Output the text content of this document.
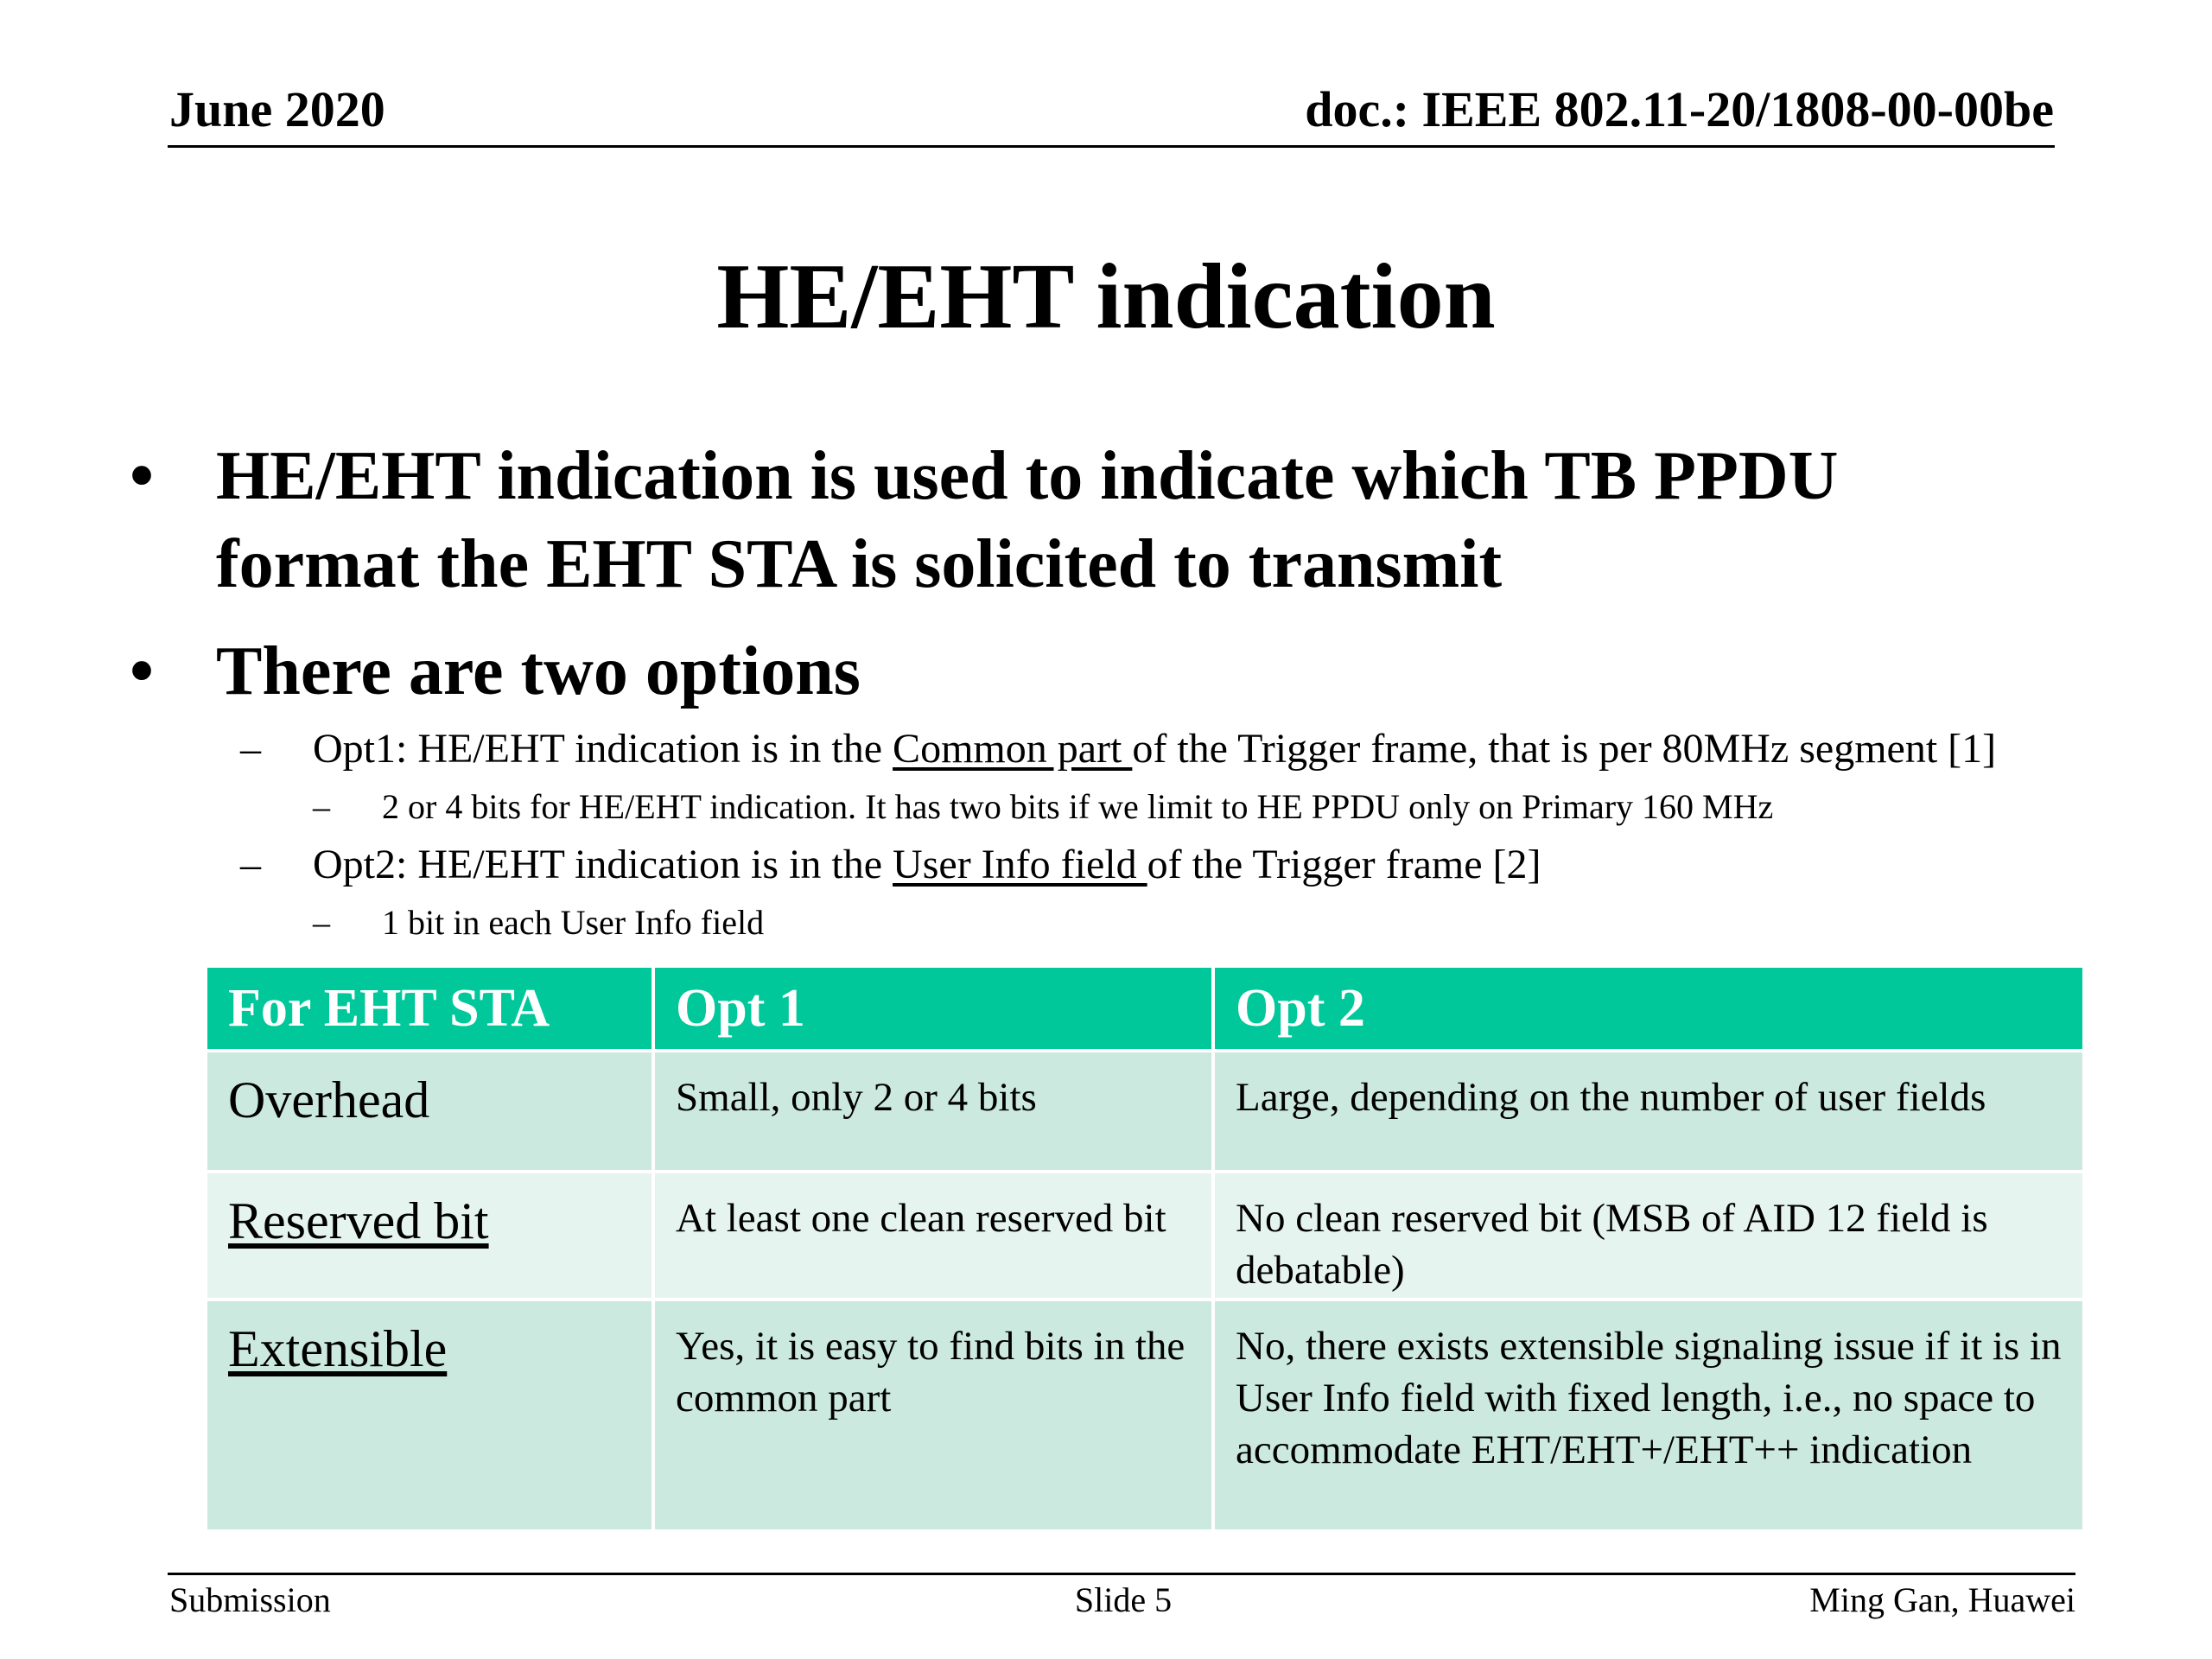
June 2020	doc.: IEEE 802.11-20/1808-00-00be
HE/EHT indication
• HE/EHT indication is used to indicate which TB PPDU
format the EHT STA is solicited to transmit
• There are two options
– Opt1: HE/EHT indication is in the Common part of the Trigger frame, that is per 80MHz segment [1]
– 2 or 4 bits for HE/EHT indication. It has two bits if we limit to HE PPDU only on Primary 160 MHz
– Opt2: HE/EHT indication is in the User Info field of the Trigger frame [2]
– 1 bit in each User Info field
For EHT STA	Opt 1	Opt 2
Overhead	Small, only 2 or 4 bits	Large, depending on the number of user fields
Reserved bit	At least one clean reserved bit	No clean reserved bit (MSB of AID 12 field is debatable)
Extensible	Yes, it is easy to find bits in the common part	No, there exists extensible signaling issue if it is in User Info field with fixed length, i.e., no space to accommodate EHT/EHT+/EHT++ indication
Submission	Slide 5	Ming Gan, Huawei
